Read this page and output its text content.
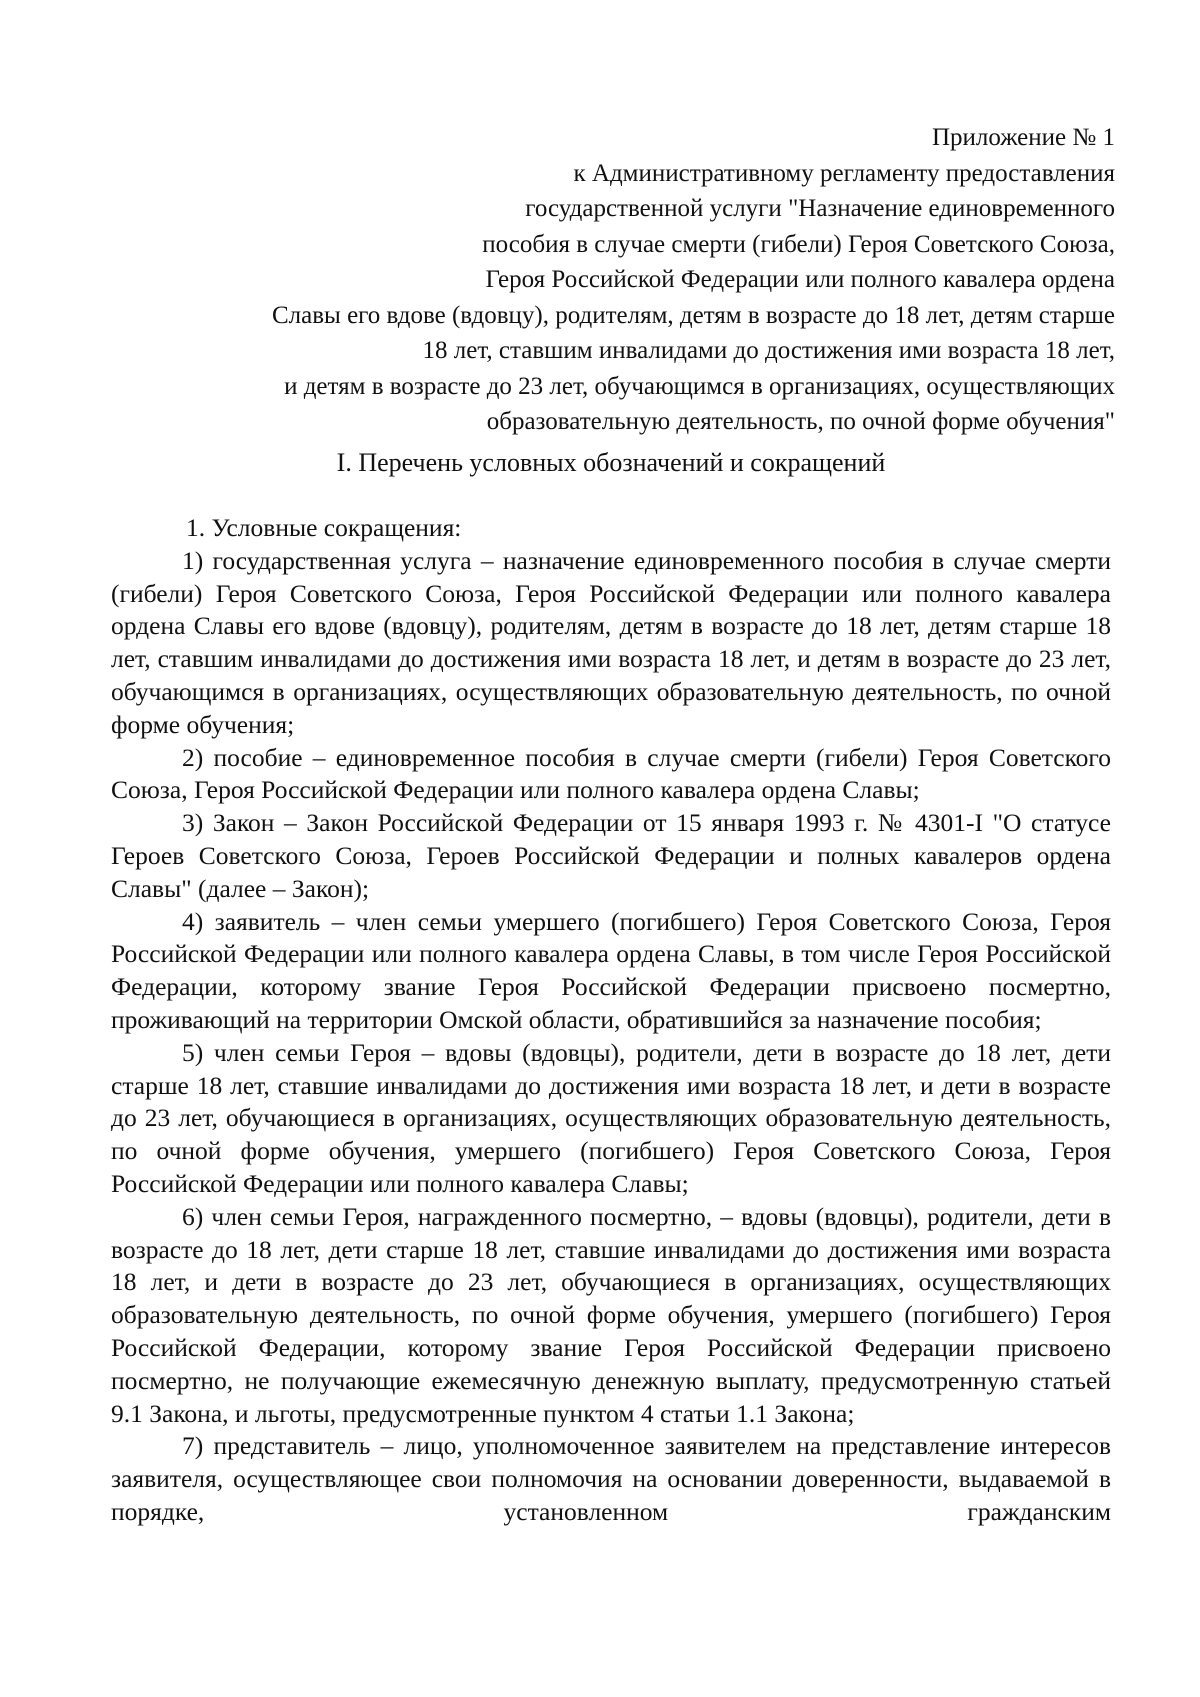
Приложение № 1
к Административному регламенту предоставления
государственной услуги "Назначение единовременного
пособия в случае смерти (гибели) Героя Советского Союза,
Героя Российской Федерации или полного кавалера ордена
Славы его вдове (вдовцу), родителям, детям в возрасте до 18 лет, детям старше
18 лет, ставшим инвалидами до достижения ими возраста 18 лет,
и детям в возрасте до 23 лет, обучающимся в организациях, осуществляющих
образовательную деятельность, по очной форме обучения"
I. Перечень условных обозначений и сокращений

1. Условные сокращения:

1) государственная услуга – назначение единовременного пособия в случае смерти (гибели) Героя Советского Союза, Героя Российской Федерации или полного кавалера ордена Славы его вдове (вдовцу), родителям, детям в возрасте до 18 лет, детям старше 18 лет, ставшим инвалидами до достижения ими возраста 18 лет, и детям в возрасте до 23 лет, обучающимся в организациях, осуществляющих образовательную деятельность, по очной форме обучения;

2) пособие – единовременное пособия в случае смерти (гибели) Героя Советского Союза, Героя Российской Федерации или полного кавалера ордена Славы;

3) Закон – Закон Российской Федерации от 15 января 1993 г. № 4301-I "О статусе Героев Советского Союза, Героев Российской Федерации и полных кавалеров ордена Славы" (далее – Закон);

4) заявитель – член семьи умершего (погибшего) Героя Советского Союза, Героя Российской Федерации или полного кавалера ордена Славы, в том числе Героя Российской Федерации, которому звание Героя Российской Федерации присвоено посмертно, проживающий на территории Омской области, обратившийся за назначение пособия;

5) член семьи Героя – вдовы (вдовцы), родители, дети в возрасте до 18 лет, дети старше 18 лет, ставшие инвалидами до достижения ими возраста 18 лет, и дети в возрасте до 23 лет, обучающиеся в организациях, осуществляющих образовательную деятельность, по очной форме обучения, умершего (погибшего) Героя Советского Союза, Героя Российской Федерации или полного кавалера Славы;

6) член семьи Героя, награжденного посмертно, – вдовы (вдовцы), родители, дети в возрасте до 18 лет, дети старше 18 лет, ставшие инвалидами до достижения ими возраста 18 лет, и дети в возрасте до 23 лет, обучающиеся в организациях, осуществляющих образовательную деятельность, по очной форме обучения, умершего (погибшего) Героя Российской Федерации, которому звание Героя Российской Федерации присвоено посмертно, не получающие ежемесячную денежную выплату, предусмотренную статьей 9.1 Закона, и льготы, предусмотренные пунктом 4 статьи 1.1 Закона;

7) представитель – лицо, уполномоченное заявителем на представление интересов заявителя, осуществляющее свои полномочия на основании доверенности, выдаваемой в порядке, установленном гражданским
